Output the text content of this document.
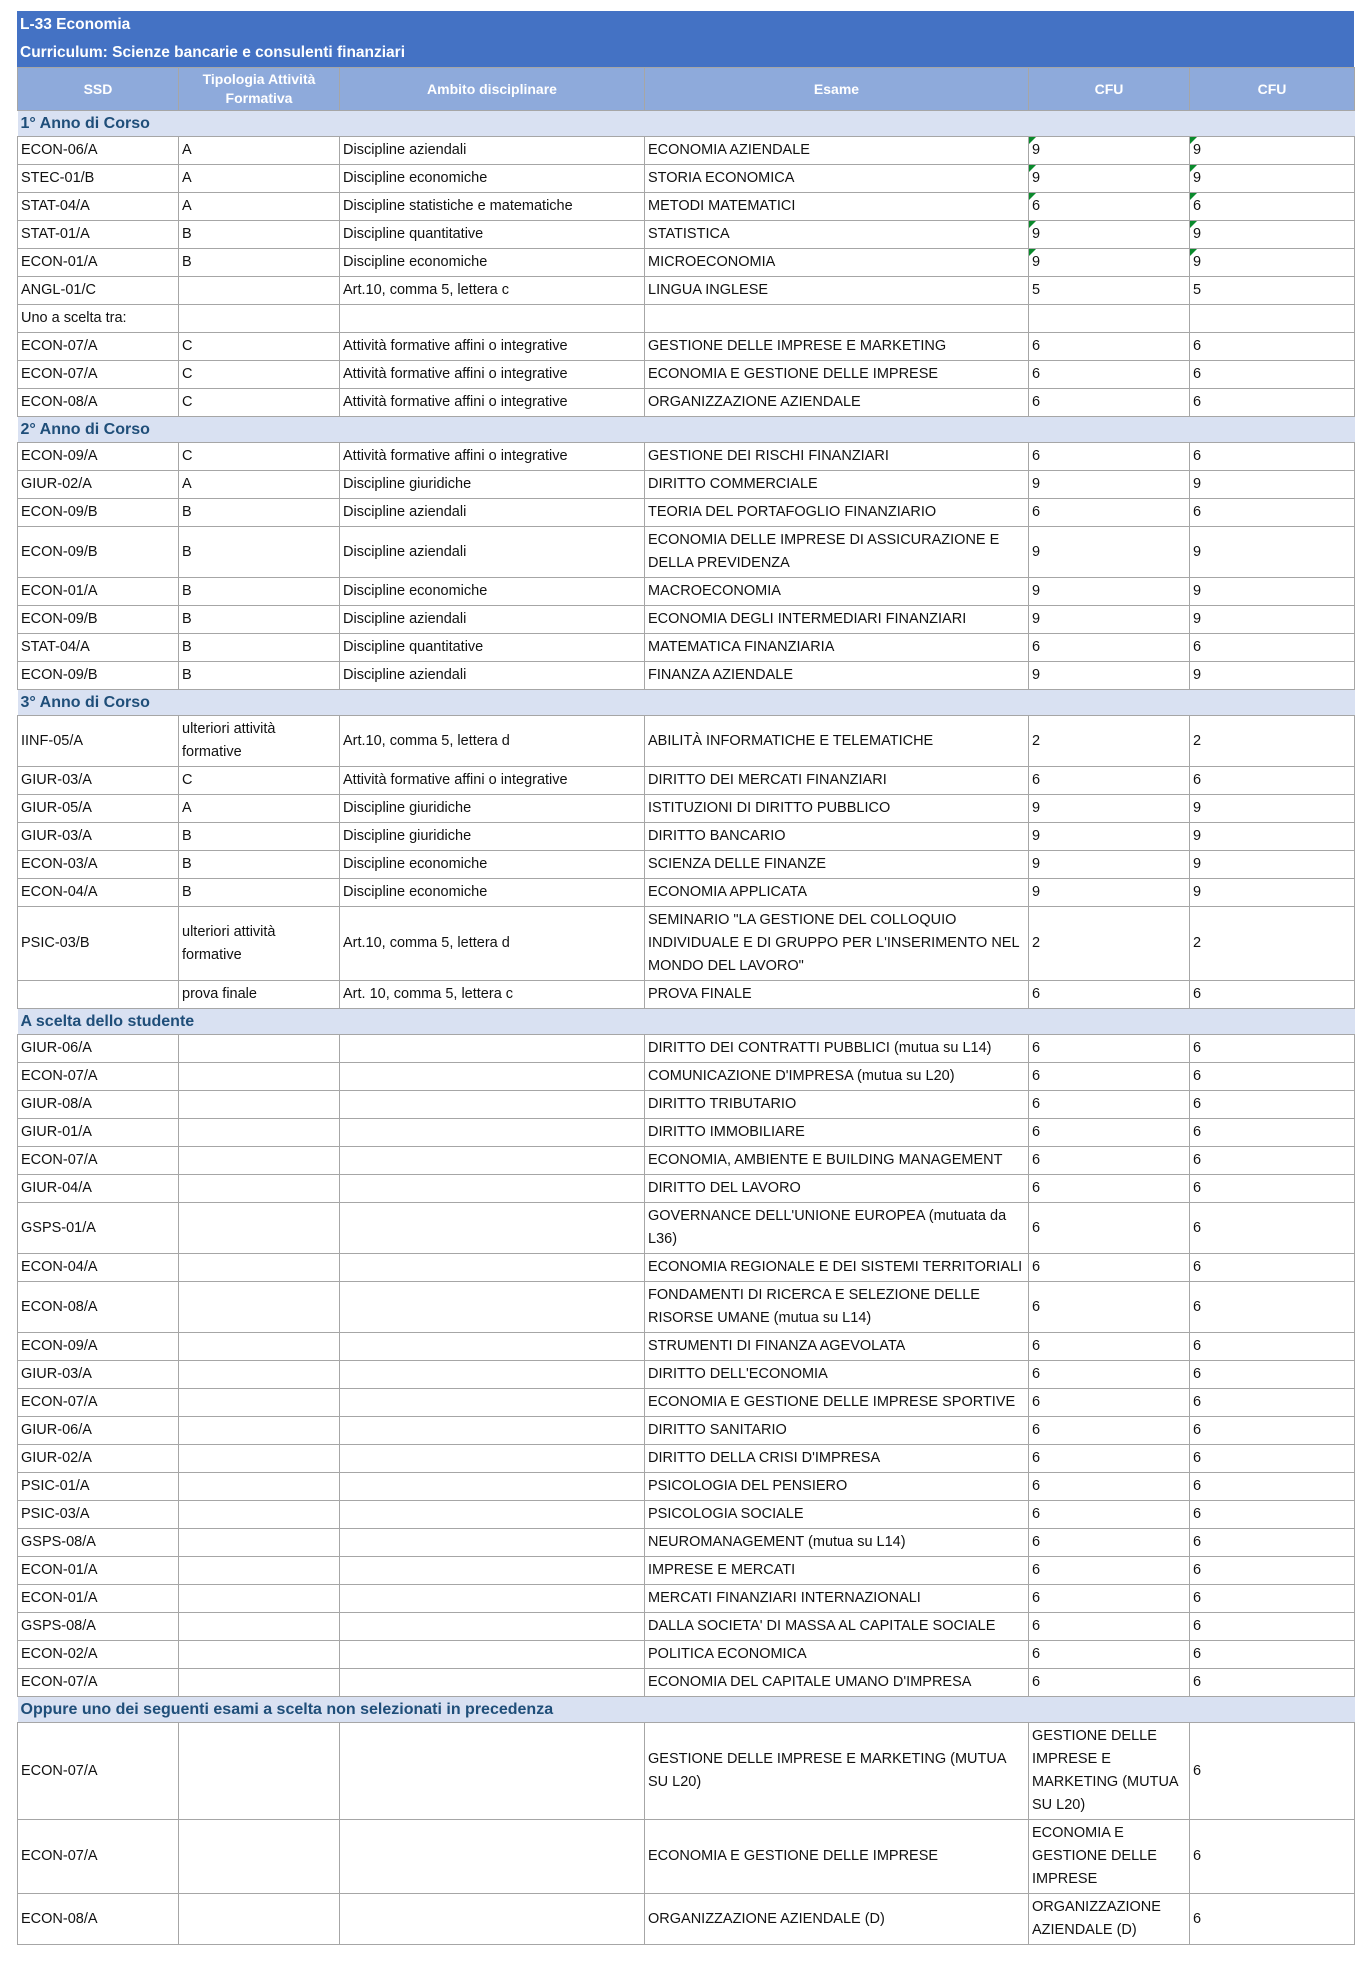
L-33 Economia
Curriculum: Scienze bancarie e consulenti finanziari
SSD	Tipologia Attività Formativa	Ambito disciplinare	Esame	CFU	CFU
1° Anno di Corso					
ECON-06/A	A	Discipline aziendali	ECONOMIA AZIENDALE	9	9
STEC-01/B	A	Discipline economiche	STORIA ECONOMICA	9	9
STAT-04/A	A	Discipline statistiche e matematiche	METODI MATEMATICI	6	6
STAT-01/A	B	Discipline quantitative	STATISTICA	9	9
ECON-01/A	B	Discipline economiche	MICROECONOMIA	9	9
ANGL-01/C		Art.10, comma 5, lettera c	LINGUA INGLESE	5	5
Uno a scelta tra:					
ECON-07/A	C	Attività formative affini o integrative	GESTIONE DELLE IMPRESE E MARKETING	6	6
ECON-07/A	C	Attività formative affini o integrative	ECONOMIA E GESTIONE DELLE IMPRESE	6	6
ECON-08/A	C	Attività formative affini o integrative	ORGANIZZAZIONE AZIENDALE	6	6
2° Anno di Corso					
ECON-09/A	C	Attività formative affini o integrative	GESTIONE DEI RISCHI FINANZIARI	6	6
GIUR-02/A	A	Discipline giuridiche	DIRITTO COMMERCIALE	9	9
ECON-09/B	B	Discipline aziendali	TEORIA DEL PORTAFOGLIO FINANZIARIO	6	6
ECON-09/B	B	Discipline aziendali	ECONOMIA DELLE IMPRESE DI ASSICURAZIONE E DELLA PREVIDENZA	9	9
ECON-01/A	B	Discipline economiche	MACROECONOMIA	9	9
ECON-09/B	B	Discipline aziendali	ECONOMIA DEGLI INTERMEDIARI FINANZIARI	9	9
STAT-04/A	B	Discipline quantitative	MATEMATICA FINANZIARIA	6	6
ECON-09/B	B	Discipline aziendali	FINANZA AZIENDALE	9	9
3° Anno di Corso					
IINF-05/A	ulteriori attività formative	Art.10, comma 5, lettera d	ABILITÀ INFORMATICHE E TELEMATICHE	2	2
GIUR-03/A	C	Attività formative affini o integrative	DIRITTO DEI MERCATI FINANZIARI	6	6
GIUR-05/A	A	Discipline giuridiche	ISTITUZIONI DI DIRITTO PUBBLICO	9	9
GIUR-03/A	B	Discipline giuridiche	DIRITTO BANCARIO	9	9
ECON-03/A	B	Discipline economiche	SCIENZA DELLE FINANZE	9	9
ECON-04/A	B	Discipline economiche	ECONOMIA APPLICATA	9	9
PSIC-03/B	ulteriori attività formative	Art.10, comma 5, lettera d	SEMINARIO "LA GESTIONE DEL COLLOQUIO INDIVIDUALE E DI GRUPPO PER L'INSERIMENTO NEL MONDO DEL LAVORO"	2	2
	prova finale	Art. 10, comma 5, lettera c	PROVA FINALE	6	6
A scelta dello studente					
GIUR-06/A			DIRITTO DEI CONTRATTI PUBBLICI (mutua su L14)	6	6
ECON-07/A			COMUNICAZIONE D'IMPRESA (mutua su L20)	6	6
GIUR-08/A			DIRITTO TRIBUTARIO	6	6
GIUR-01/A			DIRITTO IMMOBILIARE	6	6
ECON-07/A			ECONOMIA, AMBIENTE E BUILDING MANAGEMENT	6	6
GIUR-04/A			DIRITTO DEL LAVORO	6	6
GSPS-01/A			GOVERNANCE DELL'UNIONE EUROPEA (mutuata da L36)	6	6
ECON-04/A			ECONOMIA REGIONALE E DEI SISTEMI TERRITORIALI	6	6
ECON-08/A			FONDAMENTI DI RICERCA E SELEZIONE DELLE RISORSE UMANE (mutua su L14)	6	6
ECON-09/A			STRUMENTI DI FINANZA AGEVOLATA	6	6
GIUR-03/A			DIRITTO DELL'ECONOMIA	6	6
ECON-07/A			ECONOMIA E GESTIONE DELLE IMPRESE SPORTIVE	6	6
GIUR-06/A			DIRITTO SANITARIO	6	6
GIUR-02/A			DIRITTO DELLA CRISI D'IMPRESA	6	6
PSIC-01/A			PSICOLOGIA DEL PENSIERO	6	6
PSIC-03/A			PSICOLOGIA SOCIALE	6	6
GSPS-08/A			NEUROMANAGEMENT (mutua su L14)	6	6
ECON-01/A			IMPRESE E MERCATI	6	6
ECON-01/A			MERCATI FINANZIARI INTERNAZIONALI	6	6
GSPS-08/A			DALLA SOCIETA' DI MASSA AL CAPITALE SOCIALE	6	6
ECON-02/A			POLITICA ECONOMICA	6	6
ECON-07/A			ECONOMIA DEL CAPITALE UMANO D'IMPRESA	6	6
Oppure uno dei seguenti esami a scelta non selezionati in precedenza					
ECON-07/A			GESTIONE DELLE IMPRESE E MARKETING (MUTUA SU L20)	GESTIONE DELLE IMPRESE E MARKETING (MUTUA SU L20)	6
ECON-07/A			ECONOMIA E GESTIONE DELLE IMPRESE	ECONOMIA E GESTIONE DELLE IMPRESE	6
ECON-08/A			ORGANIZZAZIONE AZIENDALE (D)	ORGANIZZAZIONE AZIENDALE (D)	6
